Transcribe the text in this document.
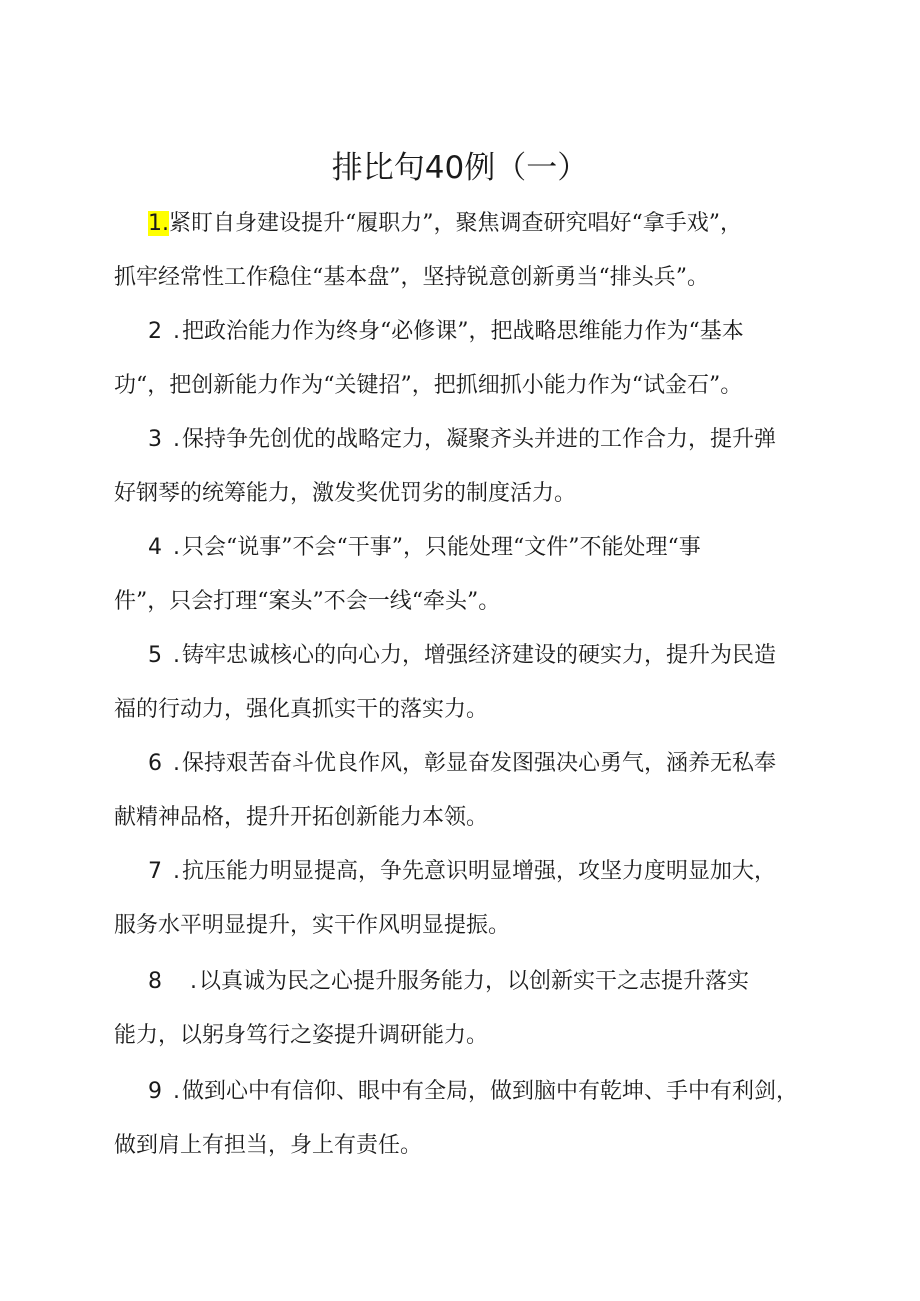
排比句40例（一）
1.紧盯自身建设提升“履职力”，聚焦调查研究唱好“拿手戏”，
抓牢经常性工作稳住“基本盘”，坚持锐意创新勇当“排头兵”。
2 .把政治能力作为终身“必修课”，把战略思维能力作为“基本
功“，把创新能力作为“关键招”，把抓细抓小能力作为“试金石”。
3 .保持争先创优的战略定力，凝聚齐头并进的工作合力，提升弹
好钢琴的统筹能力，激发奖优罚劣的制度活力。
4 .只会“说事”不会“干事”，只能处理“文件”不能处理“事
件”，只会打理“案头”不会一线“牵头”。
5 .铸牢忠诚核心的向心力，增强经济建设的硬实力，提升为民造
福的行动力，强化真抓实干的落实力。
6 .保持艰苦奋斗优良作风，彰显奋发图强决心勇气，涵养无私奉
献精神品格，提升开拓创新能力本领。
7 .抗压能力明显提高，争先意识明显增强，攻坚力度明显加大，
服务水平明显提升，实干作风明显提振。
8 .以真诚为民之心提升服务能力，以创新实干之志提升落实
能力，以躬身笃行之姿提升调研能力。
9 .做到心中有信仰、眼中有全局，做到脑中有乾坤、手中有利剑，
做到肩上有担当，身上有责任。
